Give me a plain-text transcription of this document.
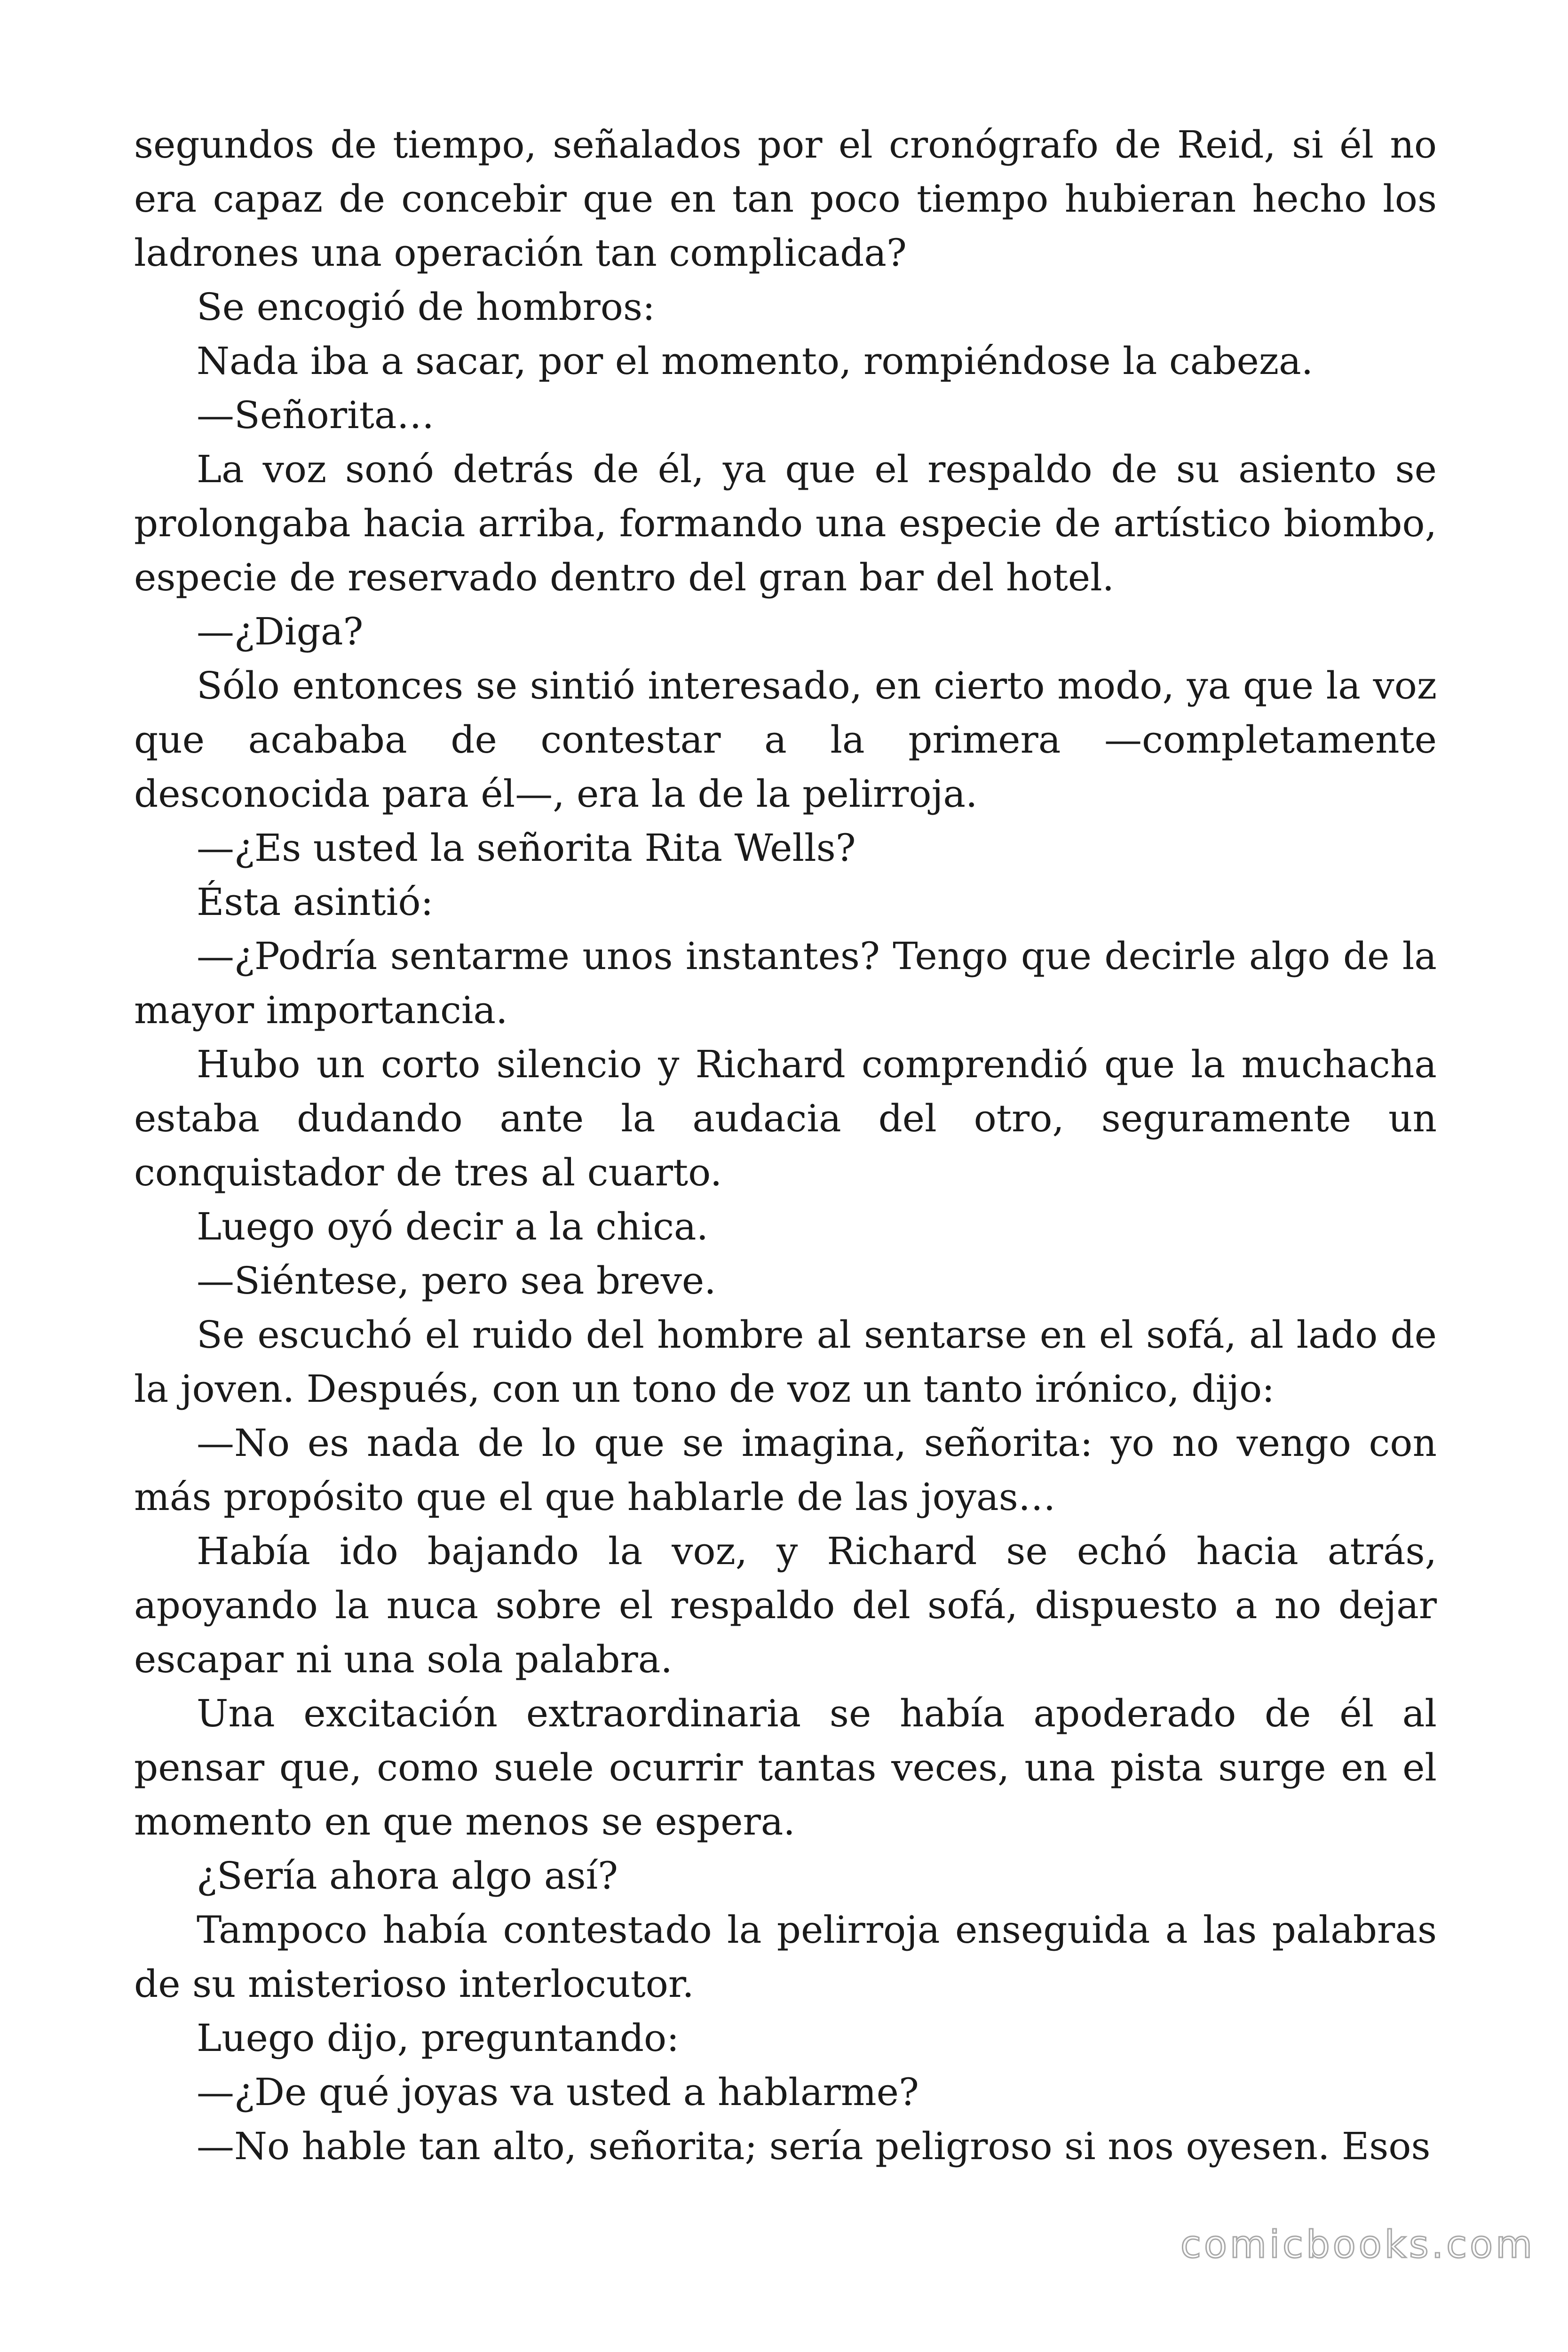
segundos de tiempo, señalados por el cronógrafo de Reid, si él no era capaz de concebir que en tan poco tiempo hubieran hecho los ladrones una operación tan complicada?

Se encogió de hombros:

Nada iba a sacar, por el momento, rompiéndose la cabeza.

—Señorita…

La voz sonó detrás de él, ya que el respaldo de su asiento se prolongaba hacia arriba, formando una especie de artístico biombo, especie de reservado dentro del gran bar del hotel.

—¿Diga?

Sólo entonces se sintió interesado, en cierto modo, ya que la voz que acababa de contestar a la primera —completamente desconocida para él—, era la de la pelirroja.

—¿Es usted la señorita Rita Wells?

Ésta asintió:

—¿Podría sentarme unos instantes? Tengo que decirle algo de la mayor importancia.

Hubo un corto silencio y Richard comprendió que la muchacha estaba dudando ante la audacia del otro, seguramente un conquistador de tres al cuarto.

Luego oyó decir a la chica.

—Siéntese, pero sea breve.

Se escuchó el ruido del hombre al sentarse en el sofá, al lado de la joven. Después, con un tono de voz un tanto irónico, dijo:

—No es nada de lo que se imagina, señorita: yo no vengo con más propósito que el que hablarle de las joyas…

Había ido bajando la voz, y Richard se echó hacia atrás, apoyando la nuca sobre el respaldo del sofá, dispuesto a no dejar escapar ni una sola palabra.

Una excitación extraordinaria se había apoderado de él al pensar que, como suele ocurrir tantas veces, una pista surge en el momento en que menos se espera.

¿Sería ahora algo así?

Tampoco había contestado la pelirroja enseguida a las palabras de su misterioso interlocutor.

Luego dijo, preguntando:

—¿De qué joyas va usted a hablarme?

—No hable tan alto, señorita; sería peligroso si nos oyesen. Esos

comicbooks.com
